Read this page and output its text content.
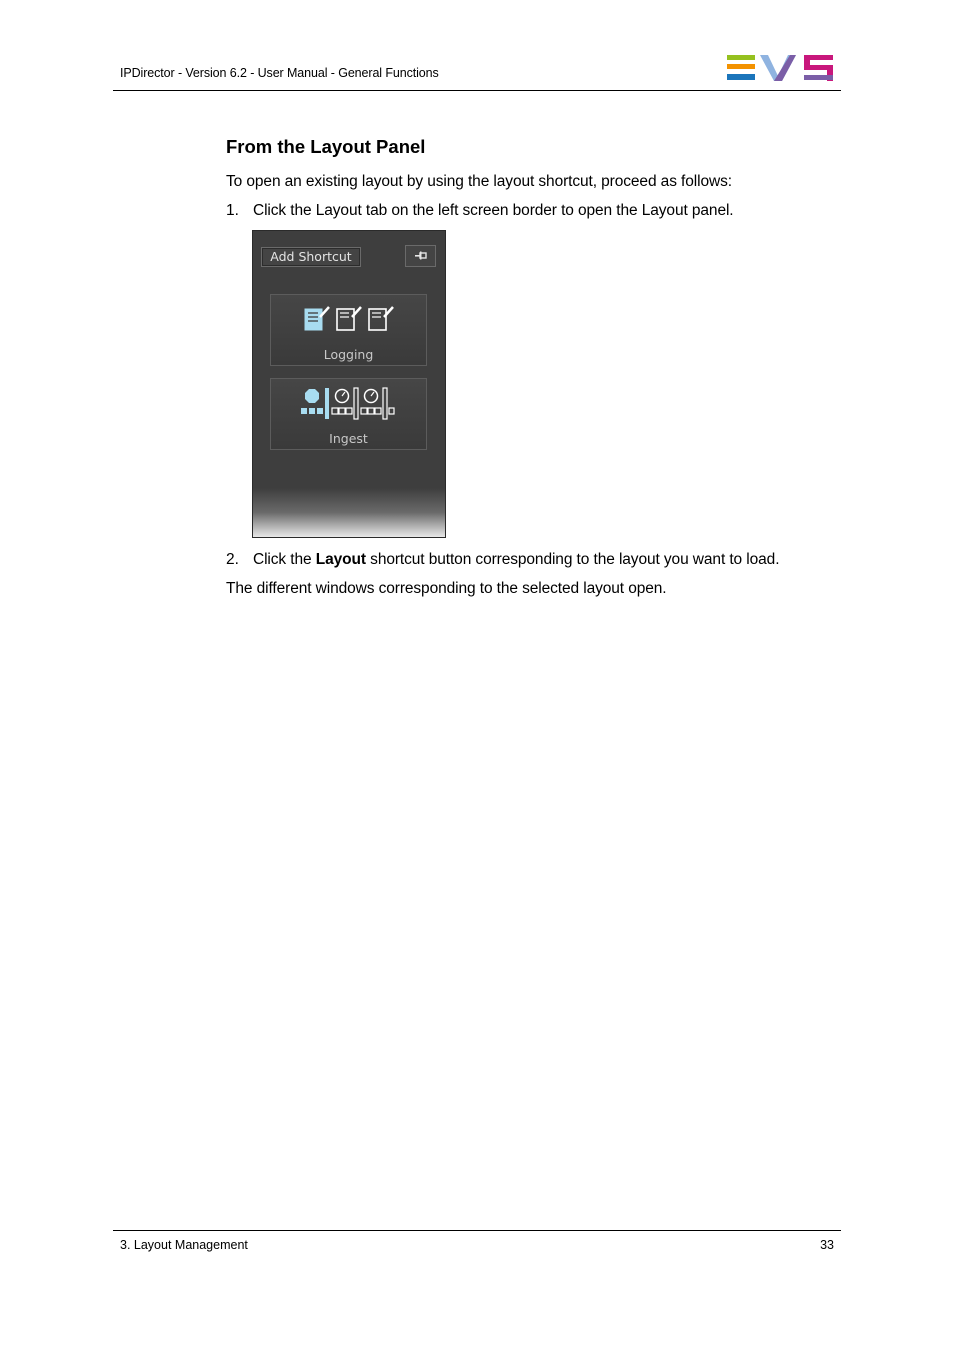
IPDirector - Version 6.2 - User Manual - General Functions
From the Layout Panel
To open an existing layout by using the layout shortcut, proceed as follows:
1. Click the Layout tab on the left screen border to open the Layout panel.
Add Shortcut
Logging
Ingest
2. Click the Layout shortcut button corresponding to the layout you want to load.
The different windows corresponding to the selected layout open.
3. Layout Management	33
